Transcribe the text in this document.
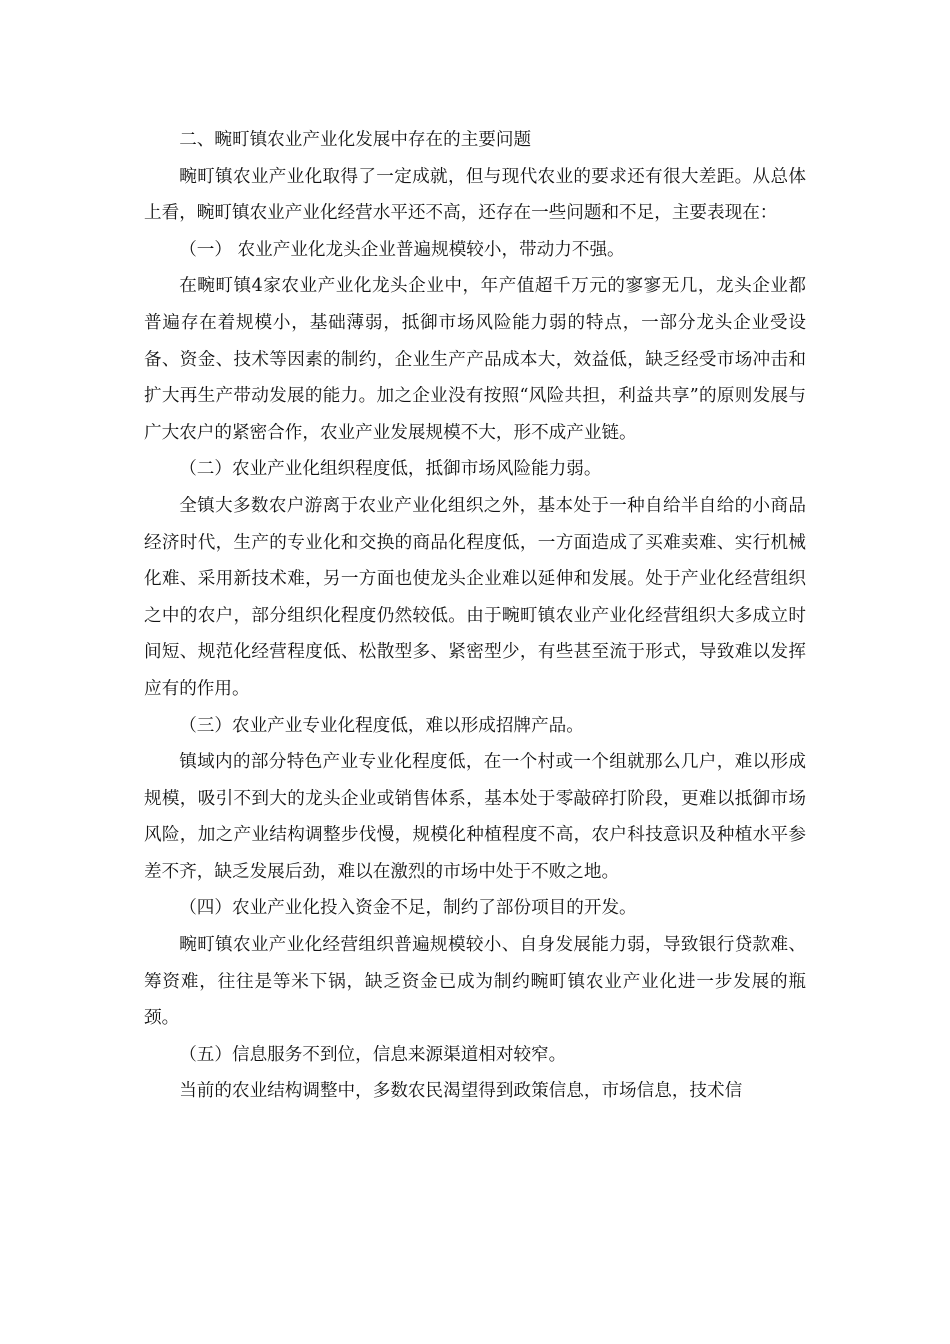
二、畹町镇农业产业化发展中存在的主要问题

畹町镇农业产业化取得了一定成就，但与现代农业的要求还有很大差距。从总体上看，畹町镇农业产业化经营水平还不高，还存在一些问题和不足，主要表现在：

（一） 农业产业化龙头企业普遍规模较小，带动力不强。

在畹町镇4家农业产业化龙头企业中，年产值超千万元的寥寥无几，龙头企业都普遍存在着规模小，基础薄弱，抵御市场风险能力弱的特点，一部分龙头企业受设备、资金、技术等因素的制约，企业生产产品成本大，效益低，缺乏经受市场冲击和扩大再生产带动发展的能力。加之企业没有按照“风险共担，利益共享”的原则发展与广大农户的紧密合作，农业产业发展规模不大，形不成产业链。

（二）农业产业化组织程度低，抵御市场风险能力弱。

全镇大多数农户游离于农业产业化组织之外，基本处于一种自给半自给的小商品经济时代，生产的专业化和交换的商品化程度低，一方面造成了买难卖难、实行机械化难、采用新技术难，另一方面也使龙头企业难以延伸和发展。处于产业化经营组织之中的农户，部分组织化程度仍然较低。由于畹町镇农业产业化经营组织大多成立时间短、规范化经营程度低、松散型多、紧密型少，有些甚至流于形式，导致难以发挥应有的作用。

（三）农业产业专业化程度低，难以形成招牌产品。

镇域内的部分特色产业专业化程度低，在一个村或一个组就那么几户，难以形成规模，吸引不到大的龙头企业或销售体系，基本处于零敲碎打阶段，更难以抵御市场风险，加之产业结构调整步伐慢，规模化种植程度不高，农户科技意识及种植水平参差不齐，缺乏发展后劲，难以在激烈的市场中处于不败之地。

（四）农业产业化投入资金不足，制约了部份项目的开发。

畹町镇农业产业化经营组织普遍规模较小、自身发展能力弱，导致银行贷款难、筹资难，往往是等米下锅，缺乏资金已成为制约畹町镇农业产业化进一步发展的瓶颈。

（五）信息服务不到位，信息来源渠道相对较窄。

当前的农业结构调整中，多数农民渴望得到政策信息，市场信息，技术信
